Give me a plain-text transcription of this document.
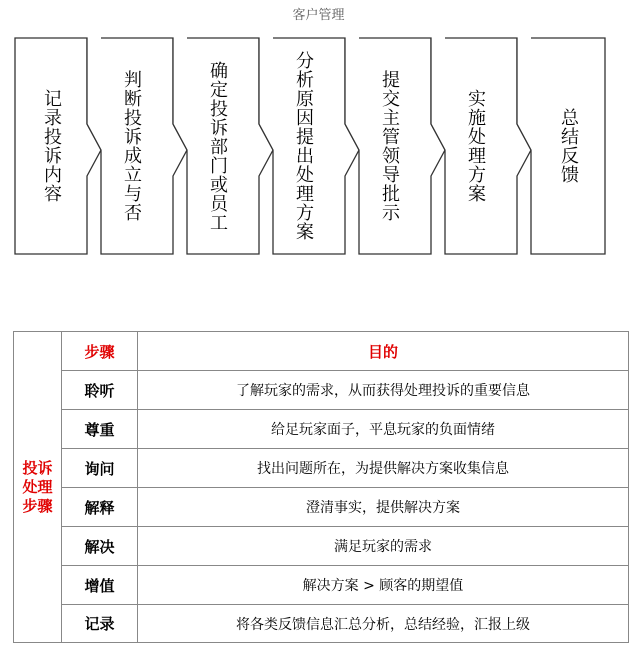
客户管理
记录投诉内容	判断投诉成立与否	确定投诉部门或员工	分析原因提出处理方案	提交主管领导批示	实施处理方案	总结反馈
投诉处理步骤
步骤	目的
聆听	了解玩家的需求，从而获得处理投诉的重要信息
尊重	给足玩家面子，平息玩家的负面情绪
询问	找出问题所在，为提供解决方案收集信息
解释	澄清事实，提供解决方案
解决	满足玩家的需求
增值	解决方案 > 顾客的期望值
记录	将各类反馈信息汇总分析，总结经验，汇报上级
